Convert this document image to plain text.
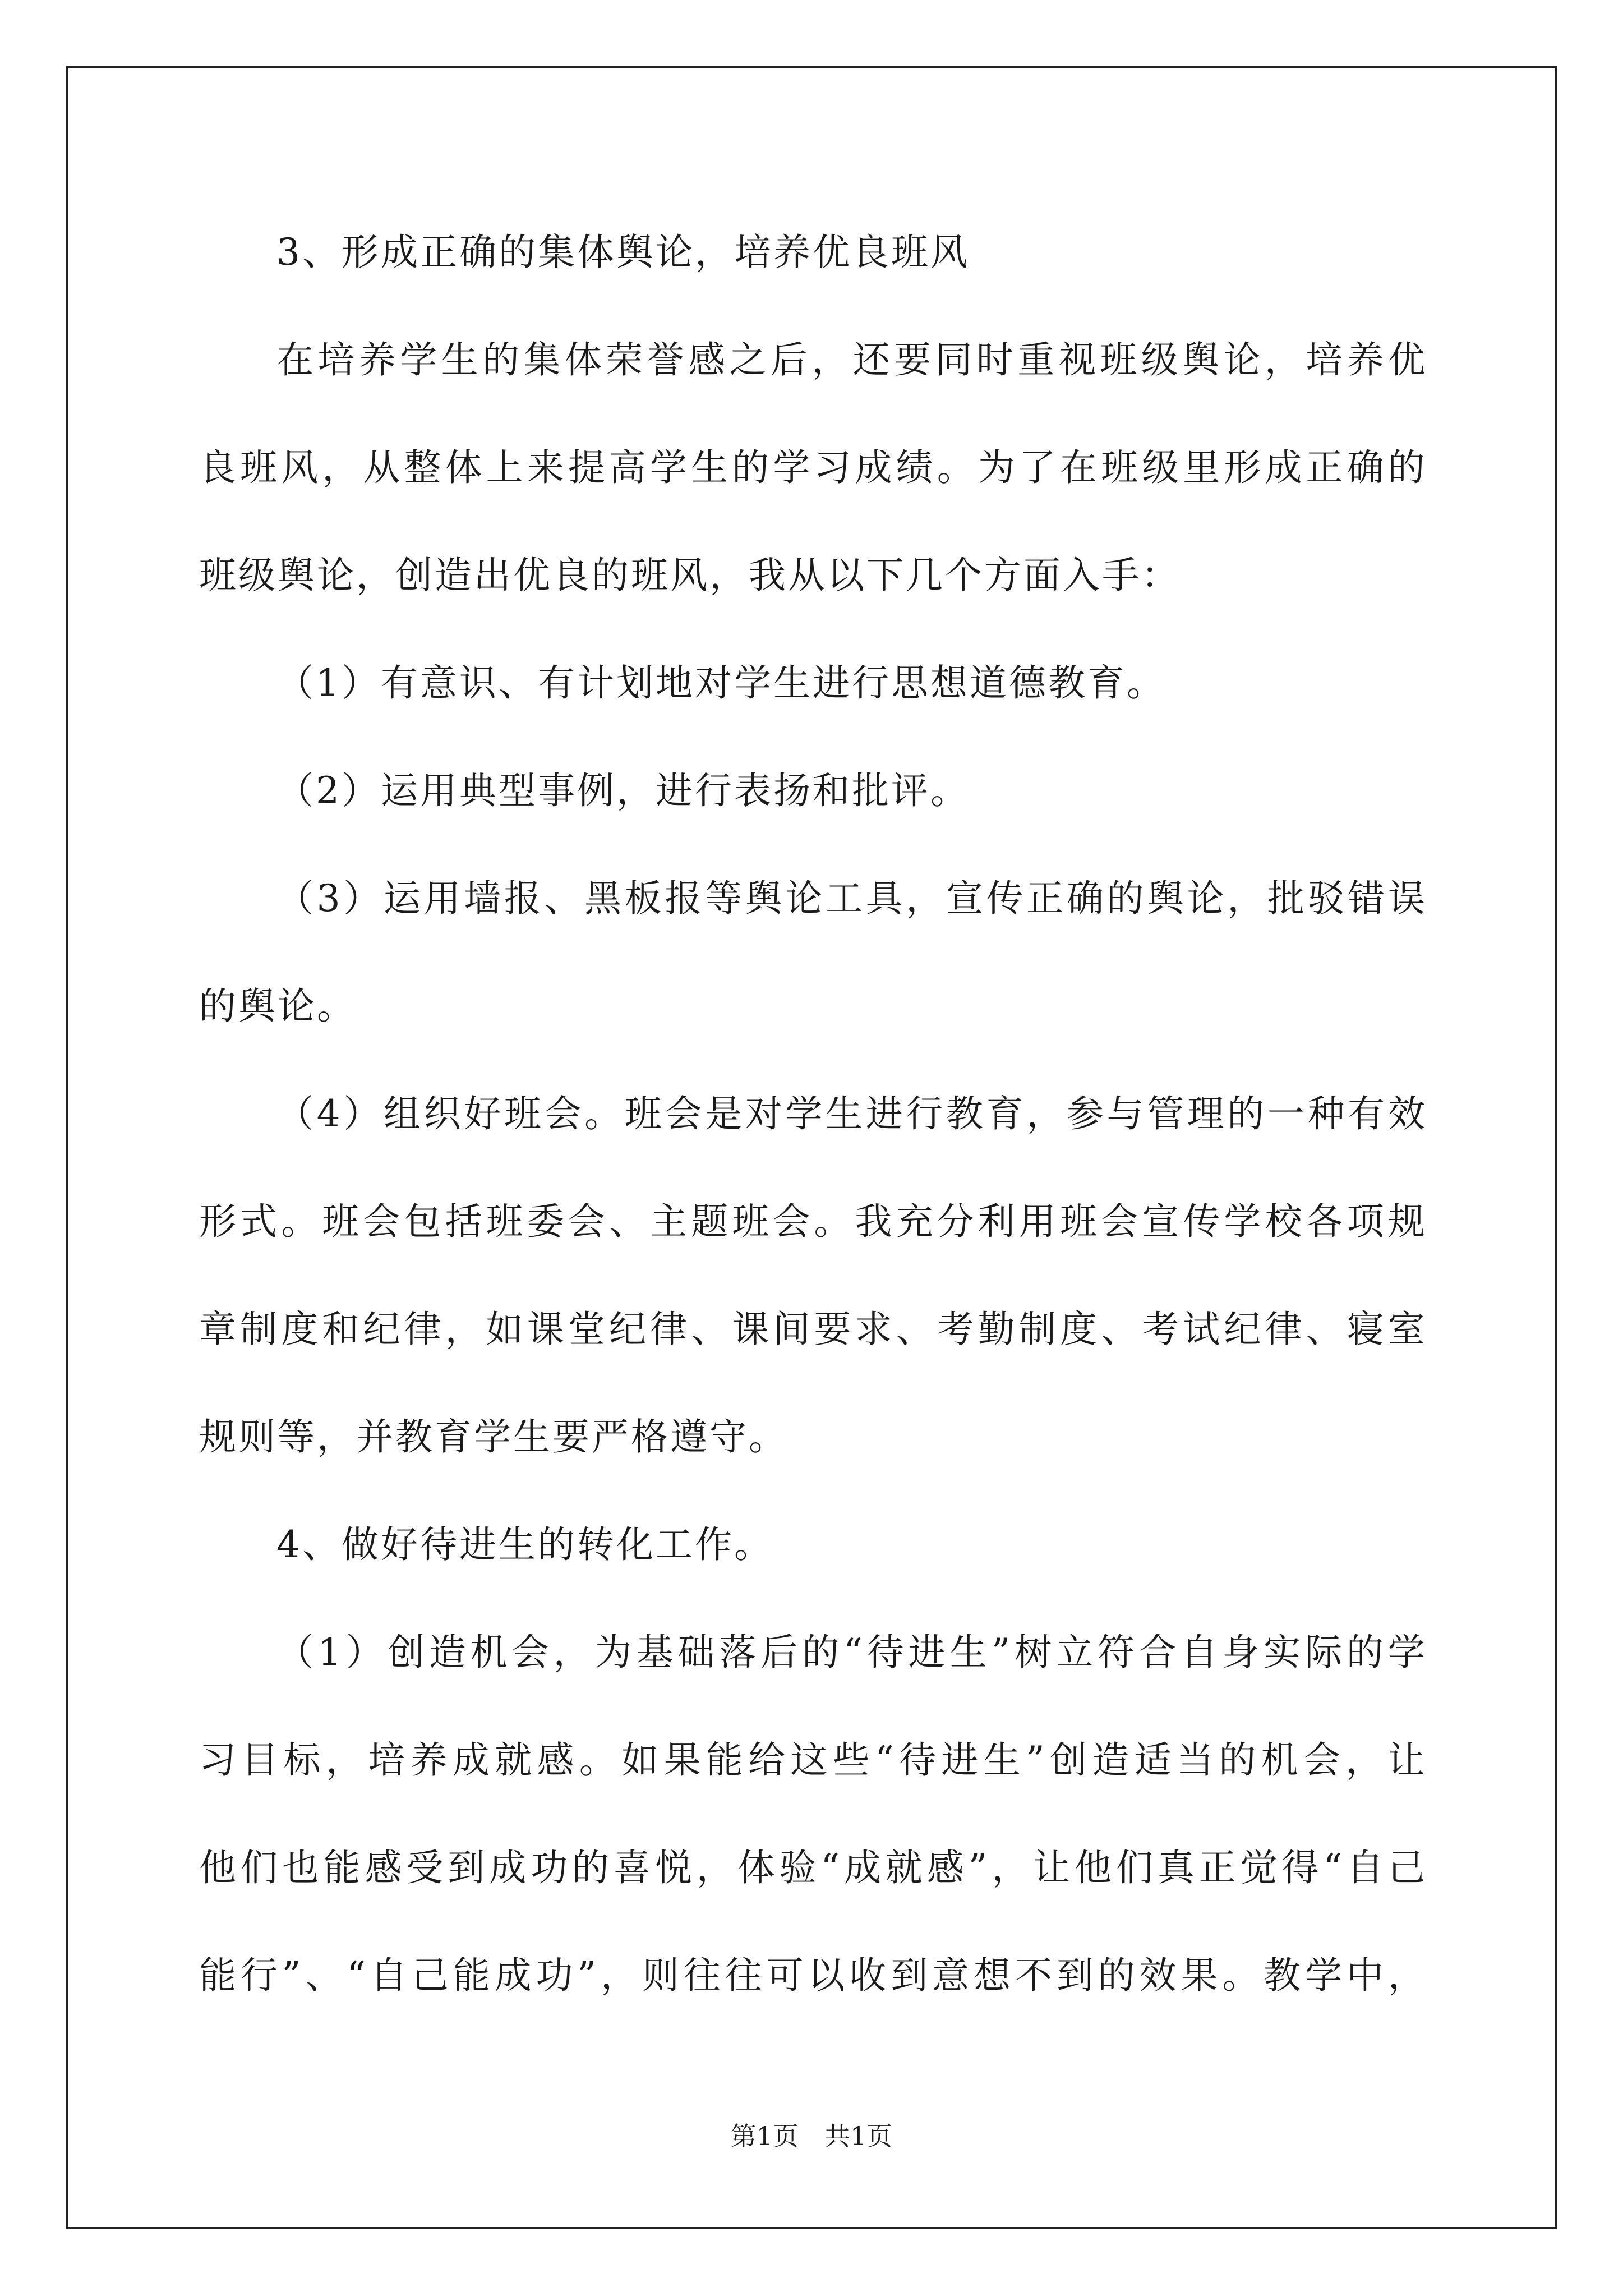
3、形成正确的集体舆论，培养优良班风
在 培 养 学 生 的 集 体 荣 誉 感 之 后 ， 还 要 同 时 重 视 班 级 舆 论 ， 培 养 优
良 班 风 ， 从 整 体 上 来 提 高 学 生 的 学 习 成 绩 。 为 了 在 班 级 里 形 成 正 确 的
班级舆论，创造出优良的班风，我从以下几个方面入手：
（1）有意识、有计划地对学生进行思想道德教育。
（2）运用典型事例，进行表扬和批评。
（ 3 ） 运 用 墙 报 、 黑 板 报 等 舆 论 工 具 ， 宣 传 正 确 的 舆 论 ， 批 驳 错 误
的舆论。
（ 4 ） 组 织 好 班 会 。 班 会 是 对 学 生 进 行 教 育 ， 参 与 管 理 的 一 种 有 效
形 式 。 班 会 包 括 班 委 会 、 主 题 班 会 。 我 充 分 利 用 班 会 宣 传 学 校 各 项 规
章 制 度 和 纪 律 ， 如 课 堂 纪 律 、 课 间 要 求 、 考 勤 制 度 、 考 试 纪 律 、 寝 室
规则等，并教育学生要严格遵守。
4、做好待进生的转化工作。
（ 1 ） 创 造 机 会 ， 为 基 础 落 后 的 “ 待 进 生 ” 树 立 符 合 自 身 实 际 的 学
习 目 标 ， 培 养 成 就 感 。 如 果 能 给 这 些 “ 待 进 生 ” 创 造 适 当 的 机 会 ， 让
他 们 也 能 感 受 到 成 功 的 喜 悦 ， 体 验 “ 成 就 感 ” ， 让 他 们 真 正 觉 得 “ 自 己
能 行 ” 、 “ 自 己 能 成 功 ” ， 则 往 往 可 以 收 到 意 想 不 到 的 效 果 。 教 学 中 ，
第1页　共1页
